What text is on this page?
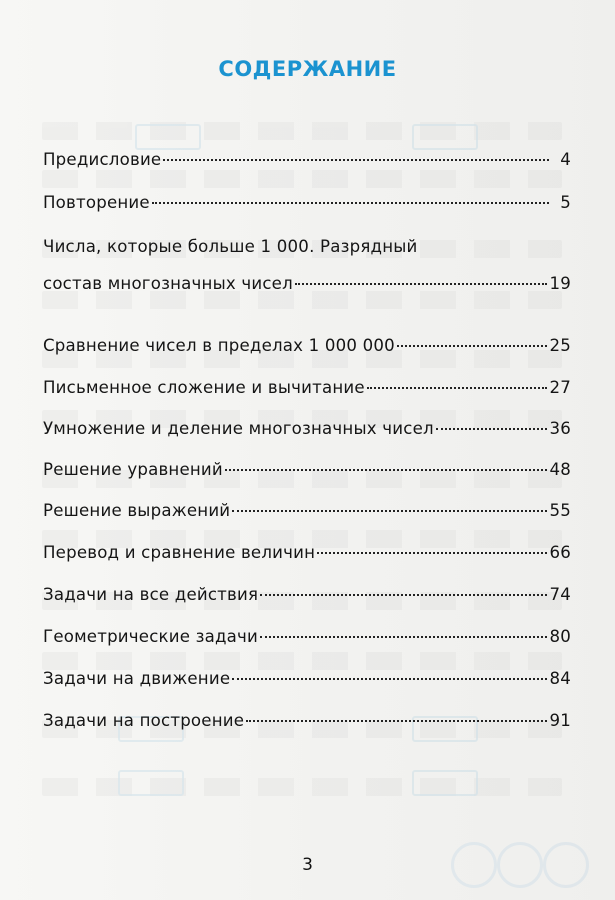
СОДЕРЖАНИЕ
Предисловие	4
Повторение	5
Числа, которые больше 1 000. Разрядный
состав многозначных чисел	19
Сравнение чисел в пределах 1 000 000	25
Письменное сложение и вычитание	27
Умножение и деление многозначных чисел	36
Решение уравнений	48
Решение выражений	55
Перевод и сравнение величин	66
Задачи на все действия	74
Геометрические задачи	80
Задачи на движение	84
Задачи на построение	91
3
